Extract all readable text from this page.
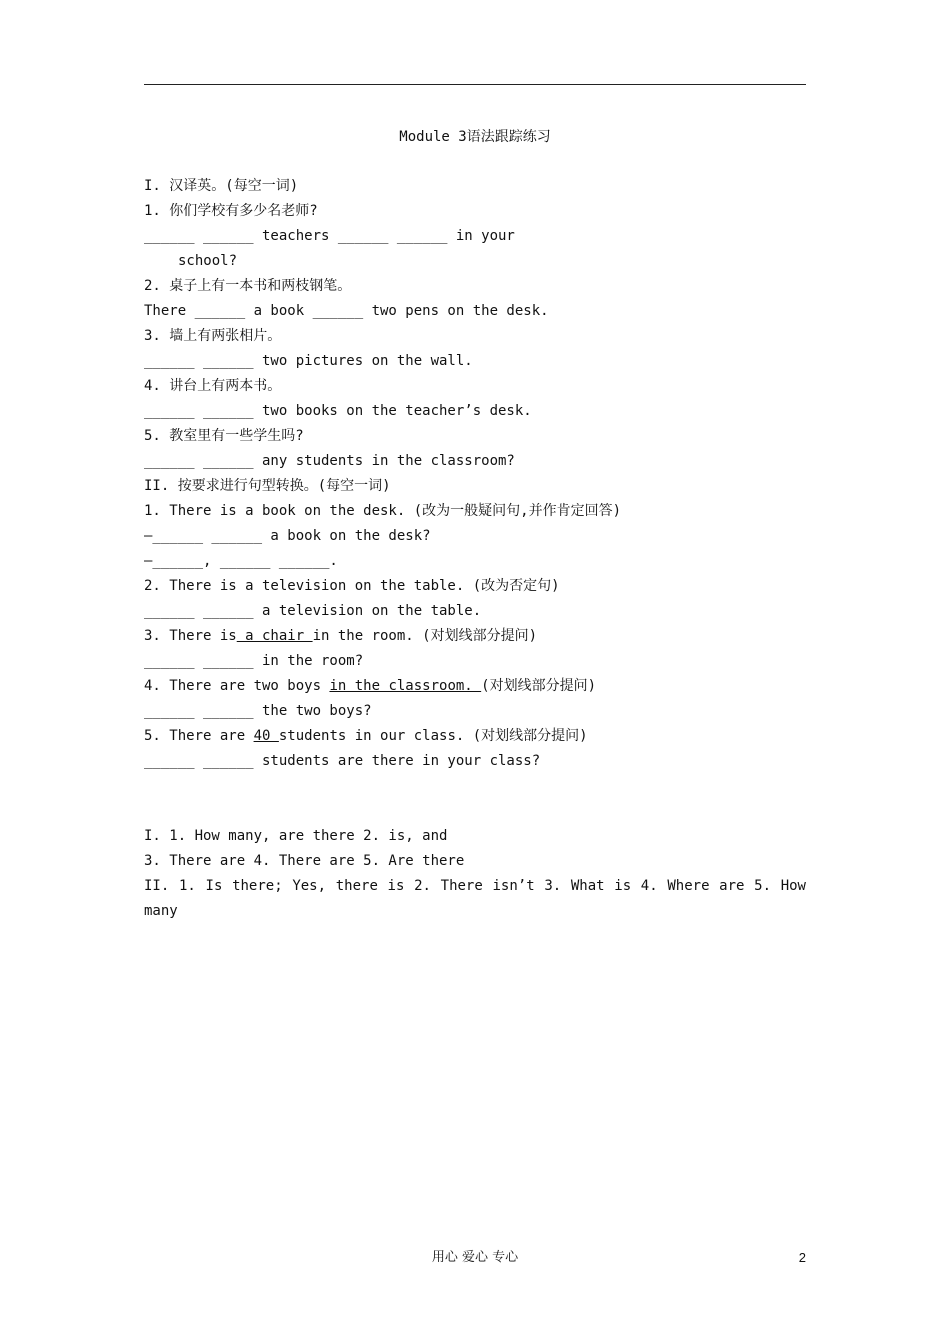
Module 3语法跟踪练习
I. 汉译英。(每空一词)
1. 你们学校有多少名老师?
______ ______ teachers ______ ______ in your
school?
2. 桌子上有一本书和两枝钢笔。
There ______ a book ______ two pens on the desk.
3. 墙上有两张相片。
______ ______ two pictures on the wall.
4. 讲台上有两本书。
______ ______ two books on the teacher’s desk.
5. 教室里有一些学生吗?
______ ______ any students in the classroom?
II. 按要求进行句型转换。(每空一词)
1. There is a book on the desk. (改为一般疑问句,并作肯定回答)
—______ ______ a book on the desk?
—______, ______ ______.
2. There is a television on the table. (改为否定句)
______ ______ a television on the table.
3. There is a chair in the room. (对划线部分提问)
______ ______ in the room?
4. There are two boys in the classroom. (对划线部分提问)
______ ______ the two boys?
5. There are 40 students in our class. (对划线部分提问)
______ ______ students are there in your class?
I. 1. How many, are there 2. is, and
3. There are 4. There are 5. Are there
II. 1. Is there; Yes, there is 2. There isn’t 3. What is 4. Where are 5. How
many
用心 爱心 专心	2
